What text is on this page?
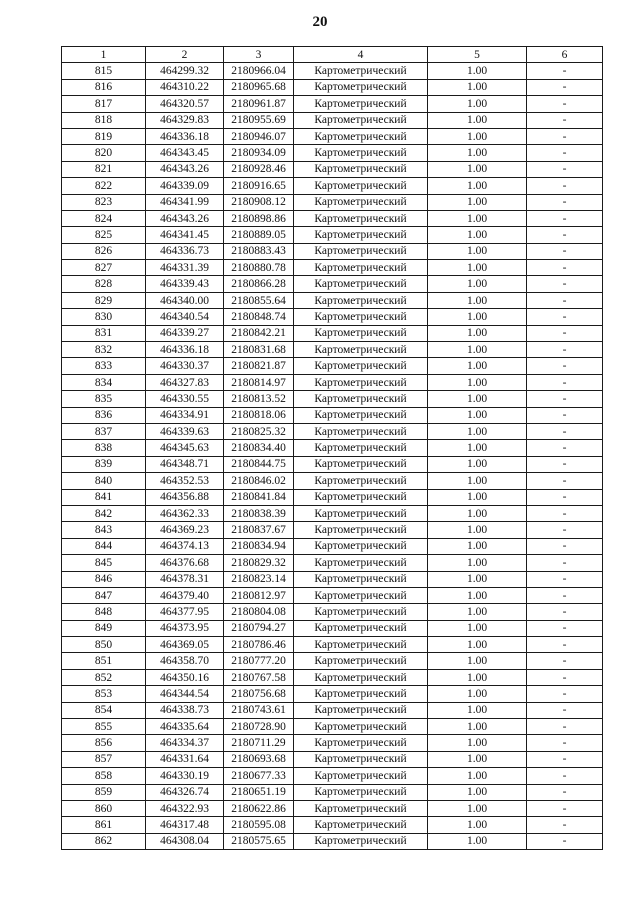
20
1	2	3	4	5	6
815	464299.32	2180966.04	Картометрический	1.00	-
816	464310.22	2180965.68	Картометрический	1.00	-
817	464320.57	2180961.87	Картометрический	1.00	-
818	464329.83	2180955.69	Картометрический	1.00	-
819	464336.18	2180946.07	Картометрический	1.00	-
820	464343.45	2180934.09	Картометрический	1.00	-
821	464343.26	2180928.46	Картометрический	1.00	-
822	464339.09	2180916.65	Картометрический	1.00	-
823	464341.99	2180908.12	Картометрический	1.00	-
824	464343.26	2180898.86	Картометрический	1.00	-
825	464341.45	2180889.05	Картометрический	1.00	-
826	464336.73	2180883.43	Картометрический	1.00	-
827	464331.39	2180880.78	Картометрический	1.00	-
828	464339.43	2180866.28	Картометрический	1.00	-
829	464340.00	2180855.64	Картометрический	1.00	-
830	464340.54	2180848.74	Картометрический	1.00	-
831	464339.27	2180842.21	Картометрический	1.00	-
832	464336.18	2180831.68	Картометрический	1.00	-
833	464330.37	2180821.87	Картометрический	1.00	-
834	464327.83	2180814.97	Картометрический	1.00	-
835	464330.55	2180813.52	Картометрический	1.00	-
836	464334.91	2180818.06	Картометрический	1.00	-
837	464339.63	2180825.32	Картометрический	1.00	-
838	464345.63	2180834.40	Картометрический	1.00	-
839	464348.71	2180844.75	Картометрический	1.00	-
840	464352.53	2180846.02	Картометрический	1.00	-
841	464356.88	2180841.84	Картометрический	1.00	-
842	464362.33	2180838.39	Картометрический	1.00	-
843	464369.23	2180837.67	Картометрический	1.00	-
844	464374.13	2180834.94	Картометрический	1.00	-
845	464376.68	2180829.32	Картометрический	1.00	-
846	464378.31	2180823.14	Картометрический	1.00	-
847	464379.40	2180812.97	Картометрический	1.00	-
848	464377.95	2180804.08	Картометрический	1.00	-
849	464373.95	2180794.27	Картометрический	1.00	-
850	464369.05	2180786.46	Картометрический	1.00	-
851	464358.70	2180777.20	Картометрический	1.00	-
852	464350.16	2180767.58	Картометрический	1.00	-
853	464344.54	2180756.68	Картометрический	1.00	-
854	464338.73	2180743.61	Картометрический	1.00	-
855	464335.64	2180728.90	Картометрический	1.00	-
856	464334.37	2180711.29	Картометрический	1.00	-
857	464331.64	2180693.68	Картометрический	1.00	-
858	464330.19	2180677.33	Картометрический	1.00	-
859	464326.74	2180651.19	Картометрический	1.00	-
860	464322.93	2180622.86	Картометрический	1.00	-
861	464317.48	2180595.08	Картометрический	1.00	-
862	464308.04	2180575.65	Картометрический	1.00	-
